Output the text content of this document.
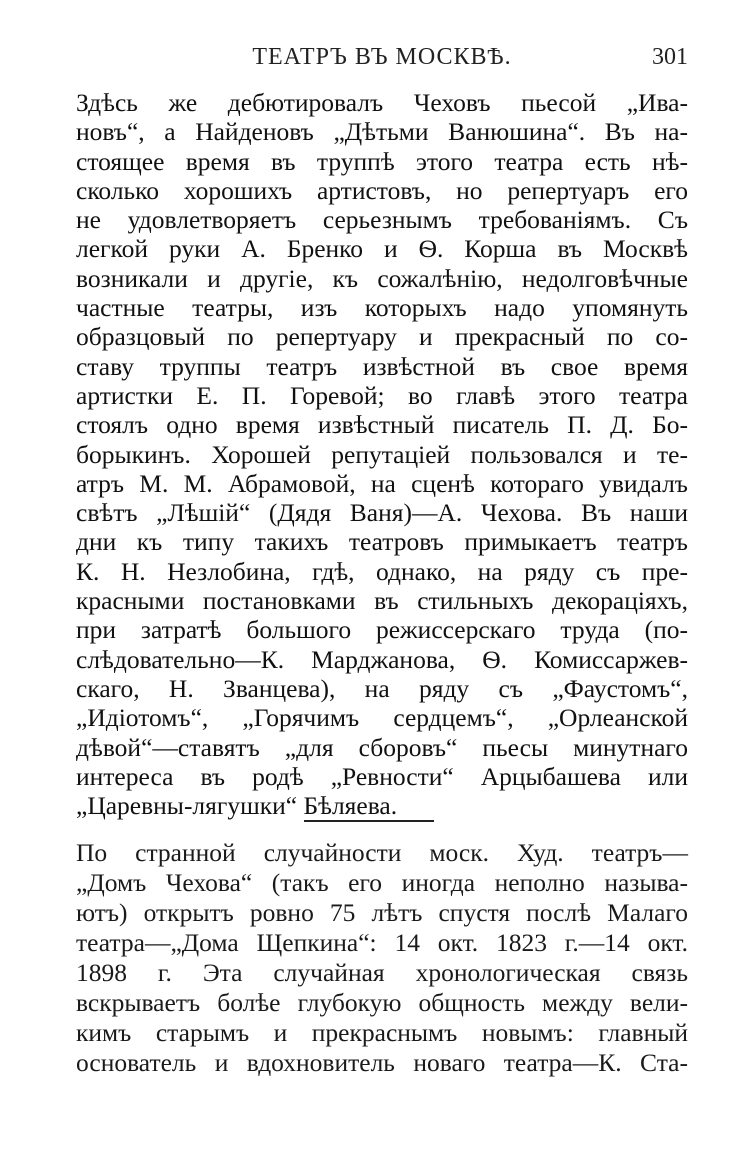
ТЕАТРЪ ВЪ МОСКВѢ.	301
Здѣсь же дебютировалъ Чеховъ пьесой „Ива-
новъ“, а Найденовъ „Дѣтьми Ванюшина“. Въ на-
стоящее время въ труппѣ этого театра есть нѣ-
сколько хорошихъ артистовъ, но репертуаръ его
не удовлетворяетъ серьезнымъ требованіямъ. Съ
легкой руки А. Бренко и Ѳ. Корша въ Москвѣ
возникали и другіе, къ сожалѣнію, недолговѣчные
частные театры, изъ которыхъ надо упомянуть
образцовый по репертуару и прекрасный по со-
ставу труппы театръ извѣстной въ свое время
артистки Е. П. Горевой; во главѣ этого театра
стоялъ одно время извѣстный писатель П. Д. Бо-
борыкинъ. Хорошей репутаціей пользовался и те-
атръ М. М. Абрамовой, на сценѣ котораго увидалъ
свѣтъ „Лѣшій“ (Дядя Ваня)—А. Чехова. Въ наши
дни къ типу такихъ театровъ примыкаетъ театръ
К. Н. Незлобина, гдѣ, однако, на ряду съ пре-
красными постановками въ стильныхъ декораціяхъ,
при затратѣ большого режиссерскаго труда (по-
слѣдовательно—К. Марджанова, Ѳ. Комиссаржев-
скаго, Н. Званцева), на ряду съ „Фаустомъ“,
„Идіотомъ“, „Горячимъ сердцемъ“, „Орлеанской
дѣвой“—ставятъ „для сборовъ“ пьесы минутнаго
интереса въ родѣ „Ревности“ Арцыбашева или
„Царевны-лягушки“ Бѣляева.
По странной случайности моск. Худ. театръ—
„Домъ Чехова“ (такъ его иногда неполно называ-
ютъ) открытъ ровно 75 лѣтъ спустя послѣ Малаго
театра—„Дома Щепкина“: 14 окт. 1823 г.—14 окт.
1898 г. Эта случайная хронологическая связь
вскрываетъ болѣе глубокую общность между вели-
кимъ старымъ и прекраснымъ новымъ: главный
основатель и вдохновитель новаго театра—К. Ста-
